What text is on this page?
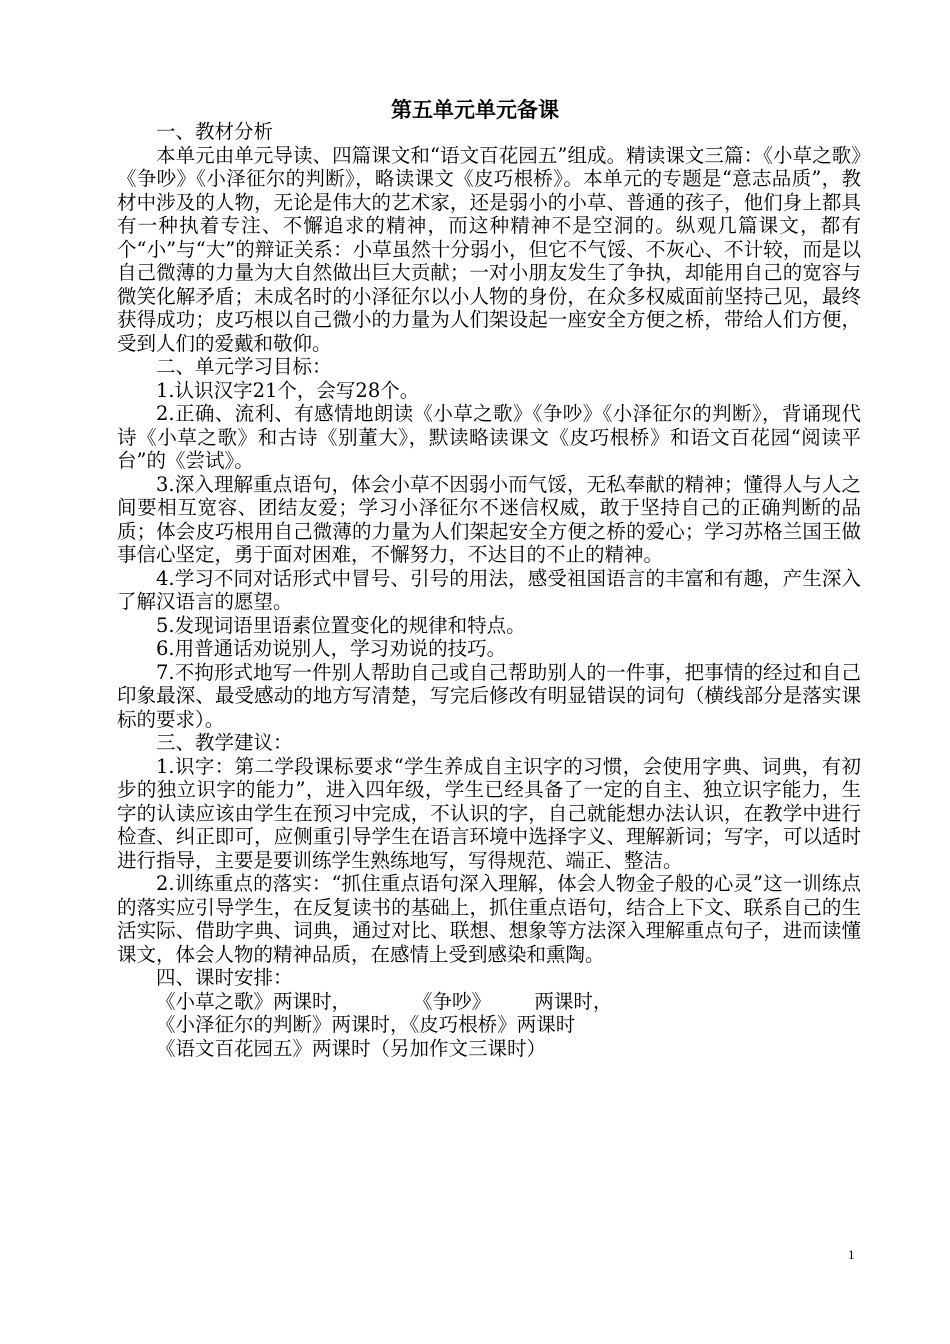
第五单元单元备课

一、教材分析

本单元由单元导读、四篇课文和“语文百花园五”组成。精读课文三篇：《小草之歌》《争吵》《小泽征尔的判断》，略读课文《皮巧根桥》。本单元的专题是“意志品质”，教材中涉及的人物，无论是伟大的艺术家，还是弱小的小草、普通的孩子，他们身上都具有一种执着专注、不懈追求的精神，而这种精神不是空洞的。纵观几篇课文，都有个“小”与“大”的辩证关系：小草虽然十分弱小，但它不气馁、不灰心、不计较，而是以自己微薄的力量为大自然做出巨大贡献；一对小朋友发生了争执，却能用自己的宽容与微笑化解矛盾；未成名时的小泽征尔以小人物的身份，在众多权威面前坚持己见，最终获得成功；皮巧根以自己微小的力量为人们架设起一座安全方便之桥，带给人们方便，受到人们的爱戴和敬仰。

二、单元学习目标：

1.认识汉字21个，会写28个。

2.正确、流利、有感情地朗读《小草之歌》《争吵》《小泽征尔的判断》，背诵现代诗《小草之歌》和古诗《别董大》，默读略读课文《皮巧根桥》和语文百花园“阅读平台”的《尝试》。

3.深入理解重点语句，体会小草不因弱小而气馁，无私奉献的精神；懂得人与人之间要相互宽容、团结友爱；学习小泽征尔不迷信权威，敢于坚持自己的正确判断的品质；体会皮巧根用自己微薄的力量为人们架起安全方便之桥的爱心；学习苏格兰国王做事信心坚定，勇于面对困难，不懈努力，不达目的不止的精神。

4.学习不同对话形式中冒号、引号的用法，感受祖国语言的丰富和有趣，产生深入了解汉语言的愿望。

5.发现词语里语素位置变化的规律和特点。

6.用普通话劝说别人，学习劝说的技巧。

7.不拘形式地写一件别人帮助自己或自己帮助别人的一件事，把事情的经过和自己印象最深、最受感动的地方写清楚，写完后修改有明显错误的词句（横线部分是落实课标的要求）。

三、教学建议：

1.识字：第二学段课标要求“学生养成自主识字的习惯，会使用字典、词典，有初步的独立识字的能力”，进入四年级，学生已经具备了一定的自主、独立识字能力，生字的认读应该由学生在预习中完成，不认识的字，自己就能想办法认识，在教学中进行检查、纠正即可，应侧重引导学生在语言环境中选择字义、理解新词；写字，可以适时进行指导，主要是要训练学生熟练地写，写得规范、端正、整洁。

2.训练重点的落实：“抓住重点语句深入理解，体会人物金子般的心灵”这一训练点的落实应引导学生，在反复读书的基础上，抓住重点语句，结合上下文、联系自己的生活实际、借助字典、词典，通过对比、联想、想象等方法深入理解重点句子，进而读懂课文，体会人物的精神品质，在感情上受到感染和熏陶。

四、课时安排：

《小草之歌》两课时，          《争吵》       两课时，

《小泽征尔的判断》两课时，《皮巧根桥》两课时

《语文百花园五》两课时（另加作文三课时）

1
